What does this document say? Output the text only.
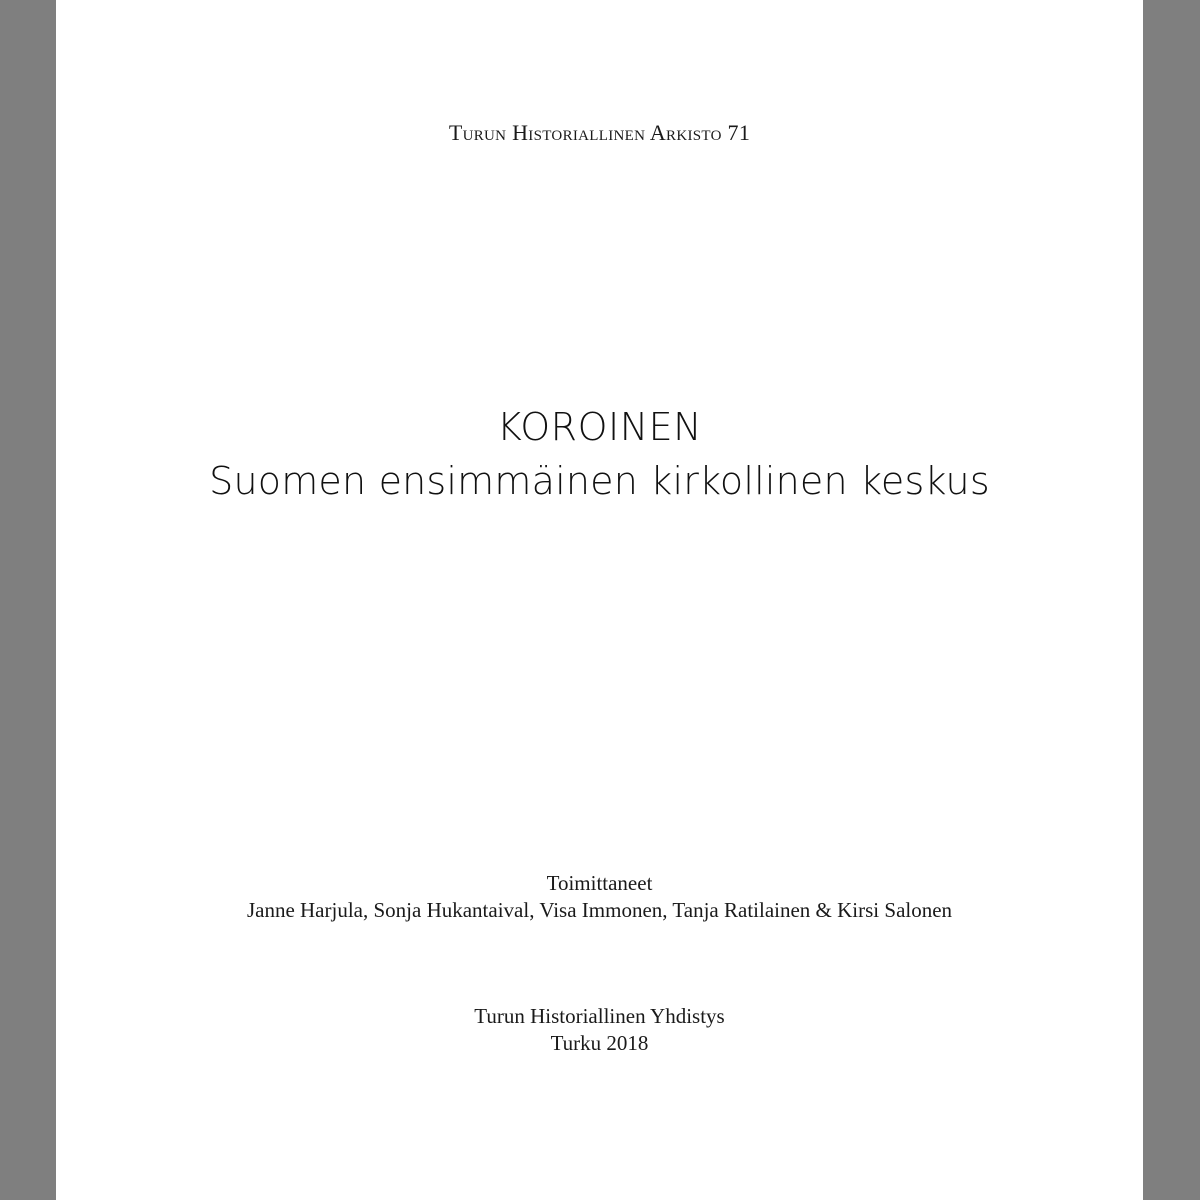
Turun Historiallinen Arkisto 71
KOROINEN
Suomen ensimmäinen kirkollinen keskus
Toimittaneet
Janne Harjula, Sonja Hukantaival, Visa Immonen, Tanja Ratilainen & Kirsi Salonen
Turun Historiallinen Yhdistys
Turku 2018
